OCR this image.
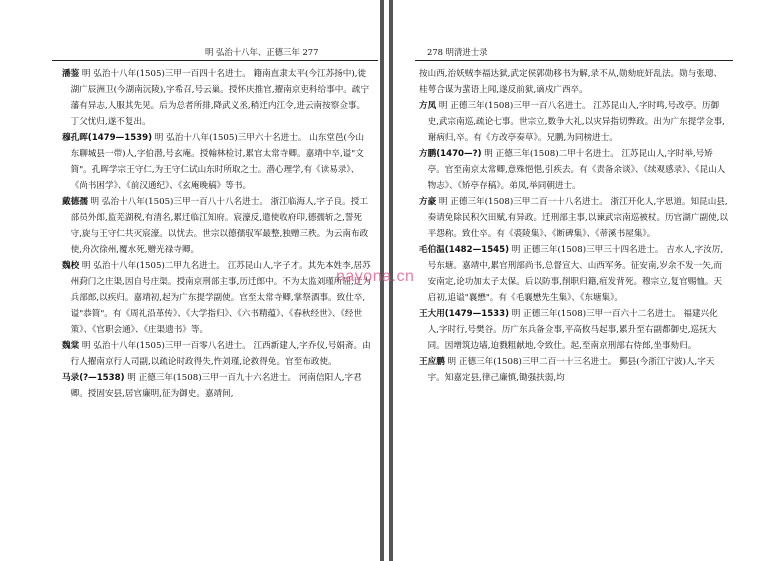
明 弘治十八年、正德三年 277

潘鉴 明 弘治十八年(1505)三甲一百四十名进士。 籍南直隶太平(今江苏扬中),徙湖广辰洲卫(今湖南沅陵),字希召,号云巢。授怀庆推官,擢南京吏科给事中。疏宁藩有异志,人服其先见。后为总者所排,降武义丞,稍迁内江令,进云南按察佥事。丁父忧归,遂不复出。

穆孔晖(1479—1539) 明 弘治十八年(1505)三甲六十名进士。 山东堂邑(今山东聊城县一带)人,字伯潜,号玄庵。授翰林检讨,累官太常寺卿。嘉靖中卒,谥"文简"。孔晖学宗王守仁,为王守仁试山东时所取之士。潜心理学,有《读易录》、《尚书困学》、《前汉通纪》、《玄庵晚稿》等书。

戴德孺 明 弘治十八年(1505)三甲一百八十八名进士。 浙江临海人,字子良。授工部员外郎,监芜湖税,有清名,累迁临江知府。宸濠反,遣使收府印,德孺斩之,誓死守,旋与王守仁共灭宸濠。以忧去。世宗以德孺驭军最整,独赠三秩。为云南布政使,舟次徐州,覆水死,赠光禄寺卿。

魏校 明 弘治十八年(1505)二甲九名进士。 江苏昆山人,字子才。其先本姓李,居苏州葑门之庄渠,因自号庄渠。授南京刑部主事,历迁郎中。不为太监刘瑾所屈,迁为兵部郎,以疾归。嘉靖初,起为广东提学副使。官至太常寺卿,掌祭酒事。致仕卒,谥"恭简"。有《周礼沿革传》、《大学指归》、《六书精蕴》、《春秋经世》、《经世策》、《官职会通》、《庄渠遗书》等。

魏棠 明 弘治十八年(1505)三甲一百零八名进士。 江西新建人,字乔仪,号娟斋。由行人擢南京行人司副,以疏论时政得失,忤刘瑾,论救得免。官至布政使。

马录(?—1538) 明 正德三年(1508)三甲一百九十六名进士。 河南信阳人,字君卿。授固安县,居官廉明,征为御史。嘉靖间,

278 明清进士录

按山西,治妖贼李福达狱,武定侯郭勋移书为解,录不从,勋劾庇奸乱法。勋与张璁、桂萼合谋为蜚语上闻,遂反前狱,谪戍广西卒。

方凤 明 正德三年(1508)三甲一百八名进士。 江苏昆山人,字时鸣,号改亭。历御史,武宗南巡,疏论七事。世宗立,数争大礼,以灾异指切弊政。出为广东提学佥事,谢病归,卒。有《方改亭奏草》。兄鹏,为同榜进士。

方鹏(1470—?) 明 正德三年(1508)二甲十名进士。 江苏昆山人,字时举,号矫亭。官至南京太常卿,意殊悒悒,引疾去。有《责备余谈》、《续观感录》、《昆山人物志》、《矫亭存稿》。弟凤,举同朝进士。

方豪 明 正德三年(1508)三甲二百一十八名进士。 浙江开化人,字思道。知昆山县,奏请免除民积欠田赋,有异政。迁刑部主事,以谏武宗南巡被杖。历官湖广副使,以平怨称。致仕卒。有《裘陵集》、《断碑集》、《蒂溪书屋集》。

毛伯温(1482—1545) 明 正德三年(1508)三甲三十四名进士。 吉水人,字汝厉,号东塘。嘉靖中,累官刑部尚书,总督宣大、山西军务。征安南,岁余不发一矢,而安南定,论功加太子太保。后以防事,削职归籍,疽发背死。穆宗立,复官赐恤。天启初,追谥"襄懋"。有《毛襄懋先生集》、《东塘集》。

王大用(1479—1533) 明 正德三年(1508)三甲一百六十二名进士。 福建兴化人,字时行,号樊谷。历广东兵备佥事,平高攸马起事,累升至右副都御史,巡抚大同。因增筑边墙,迫戮粗献地,令致仕。起,至南京刑部右侍郎,坐事劾归。

王应鹏 明 正德三年(1508)三甲二百一十三名进士。 鄞县(今浙江宁波)人,字天宇。知嘉定县,律己廉慎,锄强扶弱,均

nayona.cn
